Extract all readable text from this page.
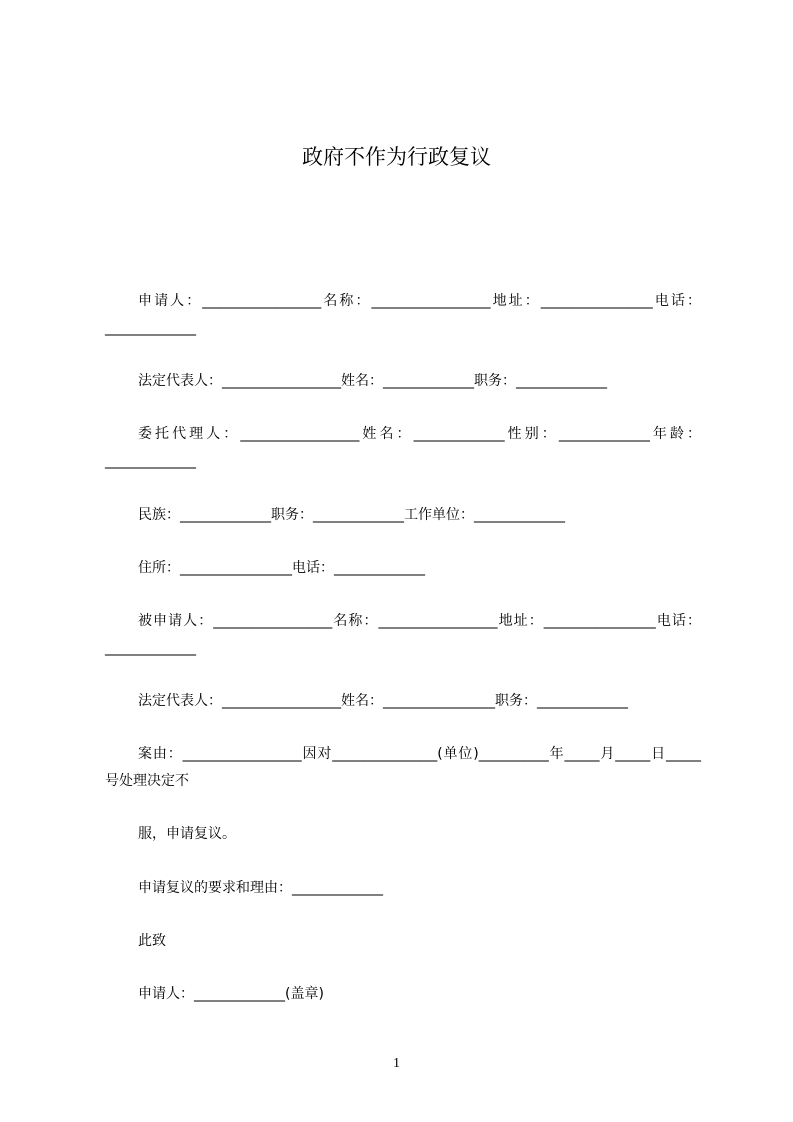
政府不作为行政复议

申请人：_________________名称：_________________地址：________________电话：_____________

法定代表人：_________________姓名：_____________职务：_____________

委托代理人：_________________姓名：_____________性别：_____________年龄：_____________

民族：_____________职务：_____________工作单位：_____________

住所：________________电话：_____________

被申请人：_________________名称：_________________地址：________________电话：_____________

法定代表人：_________________姓名：________________职务：_____________

案由：_________________因对_______________(单位)__________年_____月_____日_____号处理决定不

服，申请复议。

申请复议的要求和理由：_____________

此致

申请人：_____________(盖章)

1
